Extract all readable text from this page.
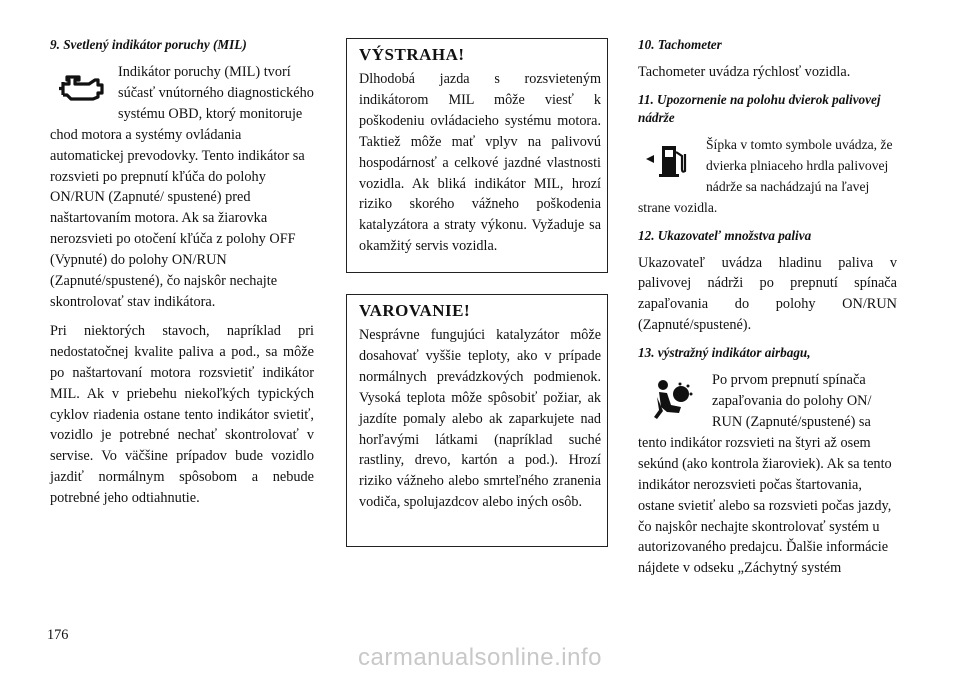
9. Svetlený indikátor poruchy (MIL)
Indikátor poruchy (MIL) tvorí súčasť vnútorného diagnostického systému OBD, ktorý monitoruje chod motora a systémy ovládania automatickej prevodovky. Tento indikátor sa rozsvieti po prepnutí kľúča do polohy ON/RUN (Zapnuté/ spustené) pred naštartovaním motora. Ak sa žiarovka nerozsvieti po otočení kľúča z polohy OFF (Vypnuté) do polohy ON/RUN (Zapnuté/spustené), čo najskôr nechajte skontrolovať stav indikátora.

Pri niektorých stavoch, napríklad pri nedostatočnej kvalite paliva a pod., sa môže po naštartovaní motora rozsvietiť indikátor MIL. Ak v priebehu niekoľkých typických cyklov riadenia ostane tento indikátor svietiť, vozidlo je potrebné nechať skontrolovať v servise. Vo väčšine prípadov bude vozidlo jazdiť normálnym spôsobom a nebude potrebné jeho odtiahnutie.

VÝSTRAHA!

Dlhodobá jazda s rozsvieteným indikátorom MIL môže viesť k poškodeniu ovládacieho systému motora. Taktiež môže mať vplyv na palivovú hospodárnosť a celkové jazdné vlastnosti vozidla. Ak bliká indikátor MIL, hrozí riziko skorého vážneho poškodenia katalyzátora a straty výkonu. Vyžaduje sa okamžitý servis vozidla.

VAROVANIE!

Nesprávne fungujúci katalyzátor môže dosahovať vyššie teploty, ako v prípade normálnych prevádzkových podmienok. Vysoká teplota môže spôsobiť požiar, ak jazdíte pomaly alebo ak zaparkujete nad horľavými látkami (napríklad suché rastliny, drevo, kartón a pod.). Hrozí riziko vážneho alebo smrteľného zranenia vodiča, spolujazdcov alebo iných osôb.

10. Tachometer

Tachometer uvádza rýchlosť vozidla.

11. Upozornenie na polohu dvierok palivovej nádrže
Šípka v tomto symbole uvádza, že dvierka plniaceho hrdla palivovej nádrže sa nachádzajú na ľavej strane vozidla.
12. Ukazovateľ množstva paliva

Ukazovateľ uvádza hladinu paliva v palivovej nádrži po prepnutí spínača zapaľovania do polohy ON/RUN (Zapnuté/spustené).

13. výstražný indikátor airbagu,
Po prvom prepnutí spínača zapaľovania do polohy ON/ RUN (Zapnuté/spustené) sa tento indikátor rozsvieti na štyri až osem sekúnd (ako kontrola žiaroviek). Ak sa tento indikátor nerozsvieti počas štartovania, ostane svietiť alebo sa rozsvieti počas jazdy, čo najskôr nechajte skontrolovať systém u autorizovaného predajcu. Ďalšie informácie nájdete v odseku „Záchytný systém
176
carmanualsonline.info
